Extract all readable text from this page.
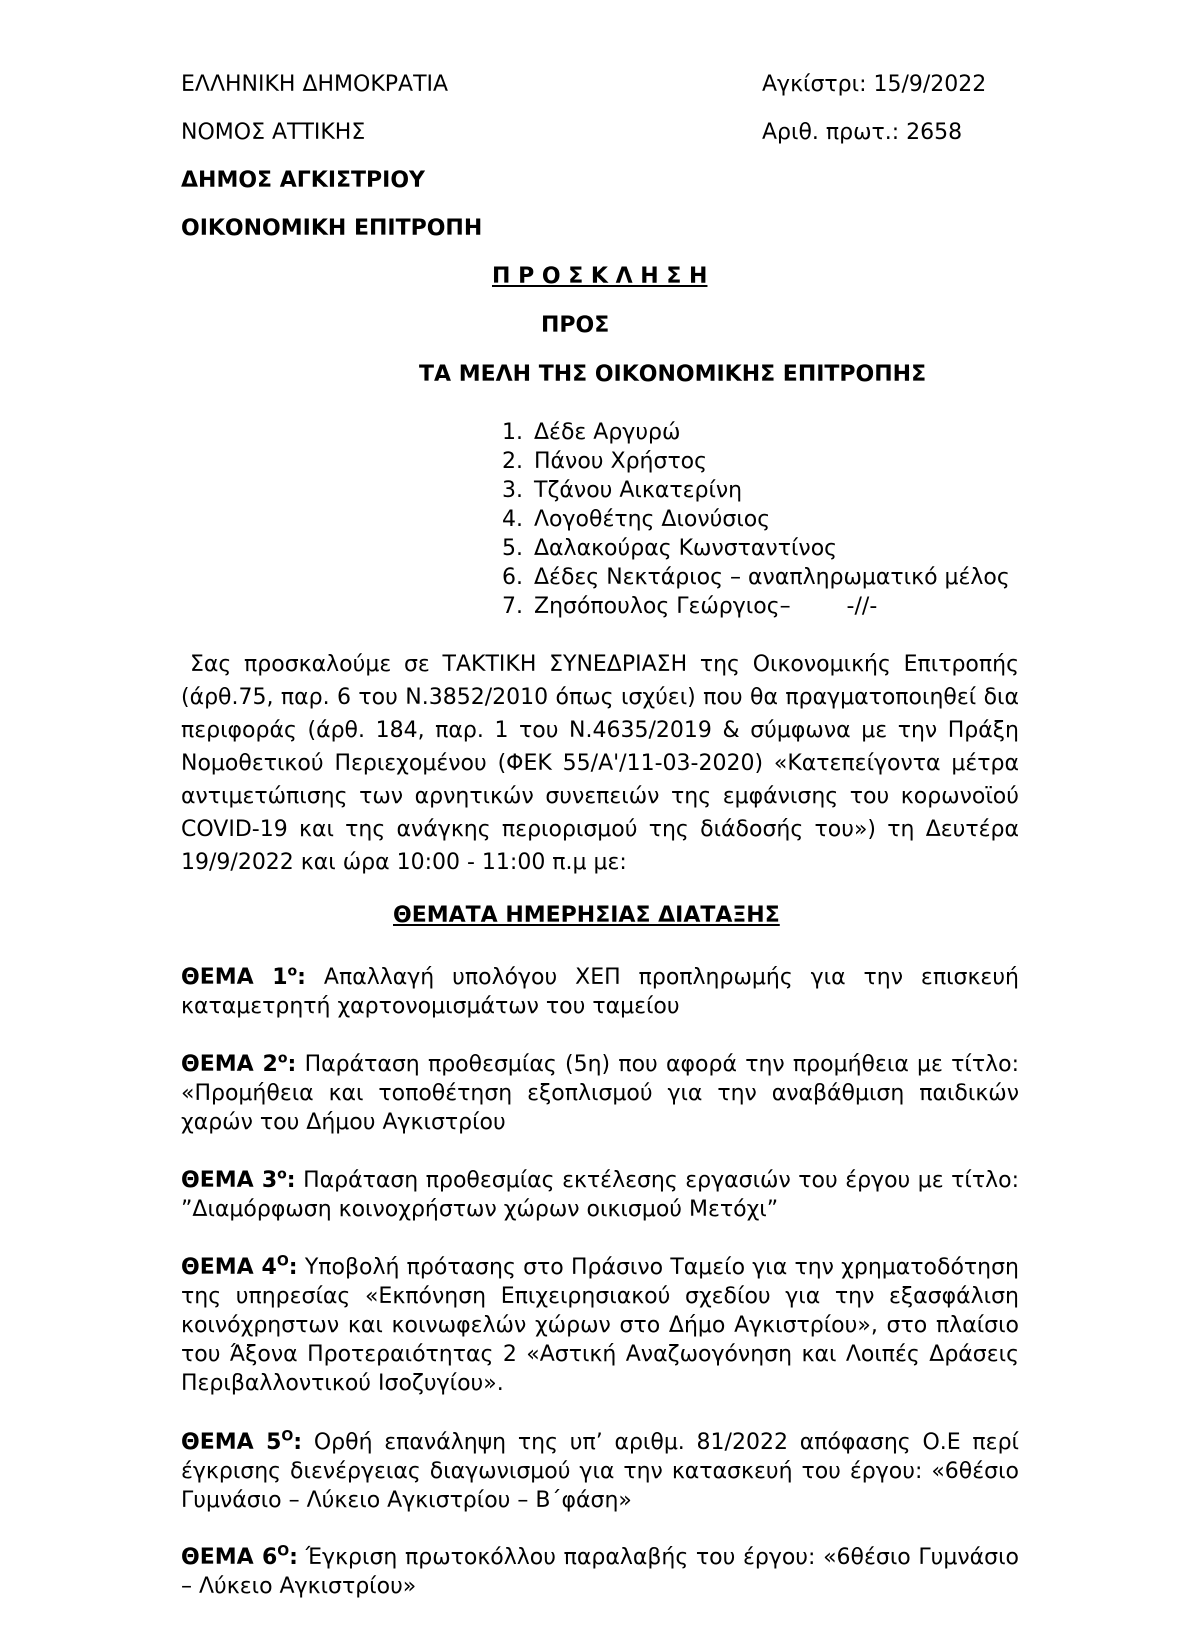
ΕΛΛΗΝΙΚΗ ΔΗΜΟΚΡΑΤΙΑ
ΝΟΜΟΣ ΑΤΤΙΚΗΣ
ΔΗΜΟΣ ΑΓΚΙΣΤΡΙΟΥ
ΟΙΚΟΝΟΜΙΚΗ ΕΠΙΤΡΟΠΗ
Αγκίστρι: 15/9/2022
Αριθ. πρωτ.: 2658
Π Ρ Ο Σ Κ Λ Η Σ Η
ΠΡΟΣ
ΤΑ ΜΕΛΗ ΤΗΣ ΟΙΚΟΝΟΜΙΚΗΣ ΕΠΙΤΡΟΠΗΣ
1. Δέδε Αργυρώ
2. Πάνου Χρήστος
3. Τζάνου Αικατερίνη
4. Λογοθέτης Διονύσιος
5. Δαλακούρας Κωνσταντίνος
6. Δέδες Νεκτάριος – αναπληρωματικό μέλος
7. Ζησόπουλος Γεώργιος–        -//-

Σας προσκαλούμε σε ΤΑΚΤΙΚΗ ΣΥΝΕΔΡΙΑΣΗ της Οικονομικής Επιτροπής (άρθ.75, παρ. 6 του Ν.3852/2010 όπως ισχύει) που θα πραγματοποιηθεί δια περιφοράς (άρθ. 184, παρ. 1 του Ν.4635/2019 & σύμφωνα με την Πράξη Νομοθετικού Περιεχομένου (ΦΕΚ 55/Α'/11-03-2020) «Κατεπείγοντα μέτρα αντιμετώπισης των αρνητικών συνεπειών της εμφάνισης του κορωνοϊού COVID-19 και της ανάγκης περιορισμού της διάδοσής του») τη Δευτέρα 19/9/2022 και ώρα 10:00 - 11:00 π.μ με:

ΘΕΜΑΤΑ ΗΜΕΡΗΣΙΑΣ ΔΙΑΤΑΞΗΣ

ΘΕΜΑ $1^o$: Απαλλαγή υπολόγου ΧΕΠ προπληρωμής για την επισκευή καταμετρητή χαρτονομισμάτων του ταμείου

ΘΕΜΑ $2^o$: Παράταση προθεσμίας (5η) που αφορά την προμήθεια με τίτλο: «Προμήθεια και τοποθέτηση εξοπλισμού για την αναβάθμιση παιδικών χαρών του Δήμου Αγκιστρίου

ΘΕΜΑ $3^o$: Παράταση προθεσμίας εκτέλεσης εργασιών του έργου με τίτλο: ”Διαμόρφωση κοινοχρήστων χώρων οικισμού Μετόχι”

ΘΕΜΑ $4^O$: Υποβολή πρότασης στο Πράσινο Ταμείο για την χρηματοδότηση της υπηρεσίας «Εκπόνηση Επιχειρησιακού σχεδίου για την εξασφάλιση κοινόχρηστων και κοινωφελών χώρων στο Δήμο Αγκιστρίου», στο πλαίσιο του Άξονα Προτεραιότητας 2 «Αστική Αναζωογόνηση και Λοιπές Δράσεις Περιβαλλοντικού Ισοζυγίου».

ΘΕΜΑ $5^O$: Ορθή επανάληψη της υπ’ αριθμ. 81/2022 απόφασης Ο.Ε περί έγκρισης διενέργειας διαγωνισμού για την κατασκευή του έργου: «6θέσιο Γυμνάσιο – Λύκειο Αγκιστρίου – Β΄φάση»

ΘΕΜΑ $6^O$: Έγκριση πρωτοκόλλου παραλαβής του έργου: «6θέσιο Γυμνάσιο – Λύκειο Αγκιστρίου»
